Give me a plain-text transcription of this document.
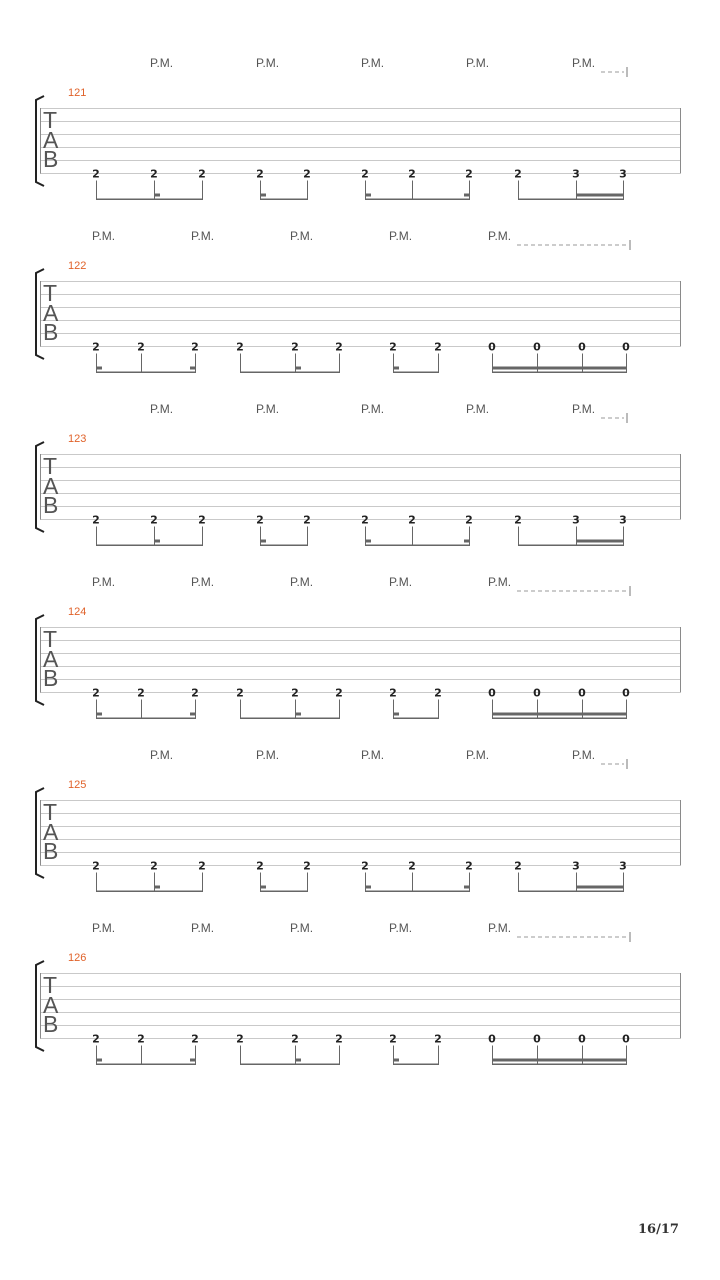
P.M.	P.M.	P.M.	P.M.	P.M.
121
T
A
B
2	2	2	2	2	2	2	2	2	3	3
P.M.	P.M.	P.M.	P.M.	P.M.
122
T
A
B
2	2	2	2	2	2	2	2	0	0	0	0
P.M.	P.M.	P.M.	P.M.	P.M.
123
T
A
B
2	2	2	2	2	2	2	2	2	3	3
P.M.	P.M.	P.M.	P.M.	P.M.
124
T
A
B
2	2	2	2	2	2	2	2	0	0	0	0
P.M.	P.M.	P.M.	P.M.	P.M.
125
T
A
B
2	2	2	2	2	2	2	2	2	3	3
P.M.	P.M.	P.M.	P.M.	P.M.
126
T
A
B
2	2	2	2	2	2	2	2	0	0	0	0
16/17
